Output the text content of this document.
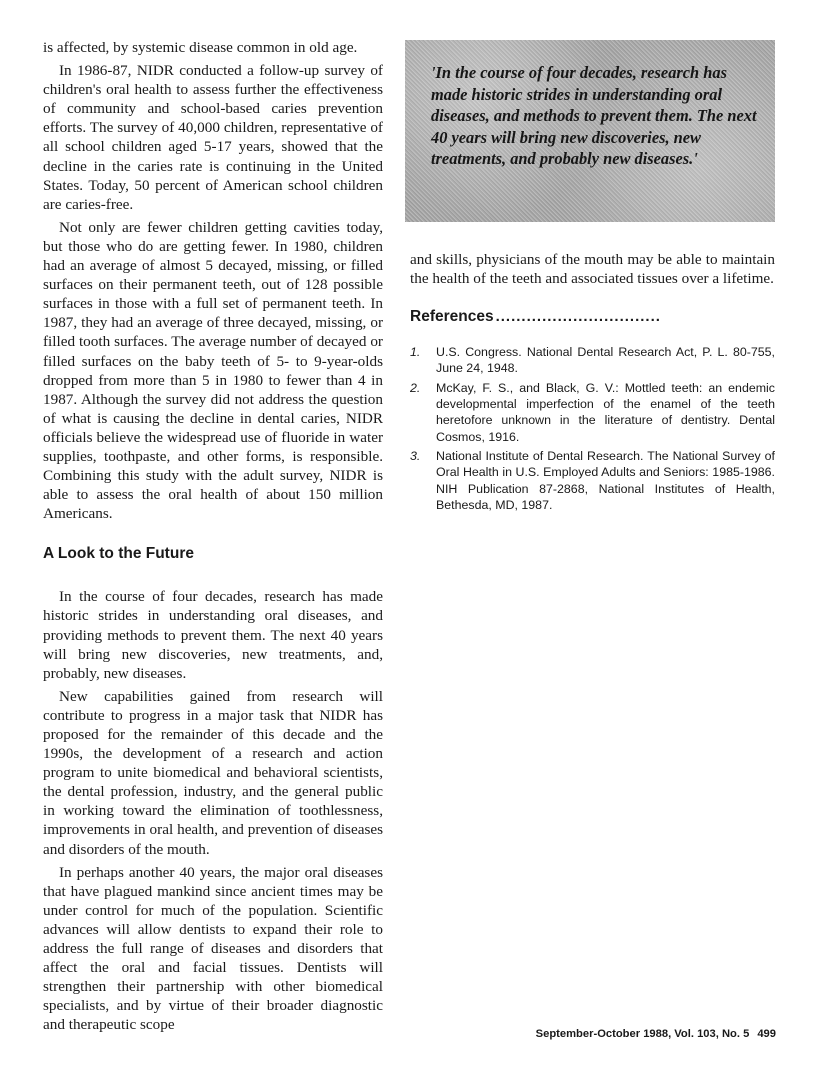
is affected, by systemic disease common in old age.

In 1986-87, NIDR conducted a follow-up survey of children's oral health to assess further the effectiveness of community and school-based caries prevention efforts. The survey of 40,000 children, representative of all school children aged 5-17 years, showed that the decline in the caries rate is continuing in the United States. Today, 50 percent of American school children are caries-free.

Not only are fewer children getting cavities today, but those who do are getting fewer. In 1980, children had an average of almost 5 decayed, missing, or filled surfaces on their permanent teeth, out of 128 possible surfaces in those with a full set of permanent teeth. In 1987, they had an average of three decayed, missing, or filled tooth surfaces. The average number of decayed or filled surfaces on the baby teeth of 5- to 9-year-olds dropped from more than 5 in 1980 to fewer than 4 in 1987. Although the survey did not address the question of what is causing the decline in dental caries, NIDR officials believe the widespread use of fluoride in water supplies, toothpaste, and other forms, is responsible. Combining this study with the adult survey, NIDR is able to assess the oral health of about 150 million Americans.

A Look to the Future

In the course of four decades, research has made historic strides in understanding oral diseases, and providing methods to prevent them. The next 40 years will bring new discoveries, new treatments, and, probably, new diseases.

New capabilities gained from research will contribute to progress in a major task that NIDR has proposed for the remainder of this decade and the 1990s, the development of a research and action program to unite biomedical and behavioral scientists, the dental profession, industry, and the general public in working toward the elimination of toothlessness, improvements in oral health, and prevention of diseases and disorders of the mouth.

In perhaps another 40 years, the major oral diseases that have plagued mankind since ancient times may be under control for much of the population. Scientific advances will allow dentists to expand their role to address the full range of diseases and disorders that affect the oral and facial tissues. Dentists will strengthen their partnership with other biomedical specialists, and by virtue of their broader diagnostic and therapeutic scope

'In the course of four decades, research has made historic strides in understanding oral diseases, and methods to prevent them. The next 40 years will bring new discoveries, new treatments, and probably new diseases.'

and skills, physicians of the mouth may be able to maintain the health of the teeth and associated tissues over a lifetime.

References ................................
1.	U.S. Congress. National Dental Research Act, P. L. 80-755, June 24, 1948.
2.	McKay, F. S., and Black, G. V.: Mottled teeth: an endemic developmental imperfection of the enamel of the teeth heretofore unknown in the literature of dentistry. Dental Cosmos, 1916.
3.	National Institute of Dental Research. The National Survey of Oral Health in U.S. Employed Adults and Seniors: 1985-1986. NIH Publication 87-2868, National Institutes of Health, Bethesda, MD, 1987.
September-October 1988, Vol. 103, No. 5 499
